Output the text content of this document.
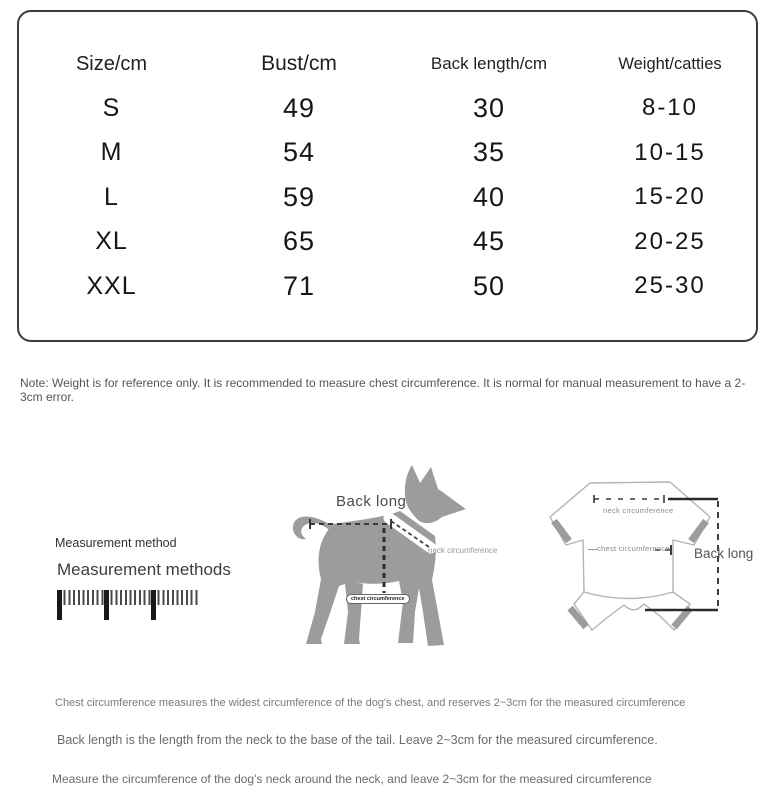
Size/cm	Bust/cm	Back length/cm	Weight/catties
S	49	30	8-10
M	54	35	10-15
L	59	40	15-20
XL	65	45	20-25
XXL	71	50	25-30
Note: Weight is for reference only. It is recommended to measure chest circumference. It is normal for manual measurement to have a 2-3cm error.
Measurement method
Measurement methods
Back long
neck circumference
chest circumference
neck circumference
chest circumference Back long
Chest circumference measures the widest circumference of the dog's chest, and reserves 2~3cm for the measured circumference
Back length is the length from the neck to the base of the tail. Leave 2~3cm for the measured circumference.
Measure the circumference of the dog's neck around the neck, and leave 2~3cm for the measured circumference
